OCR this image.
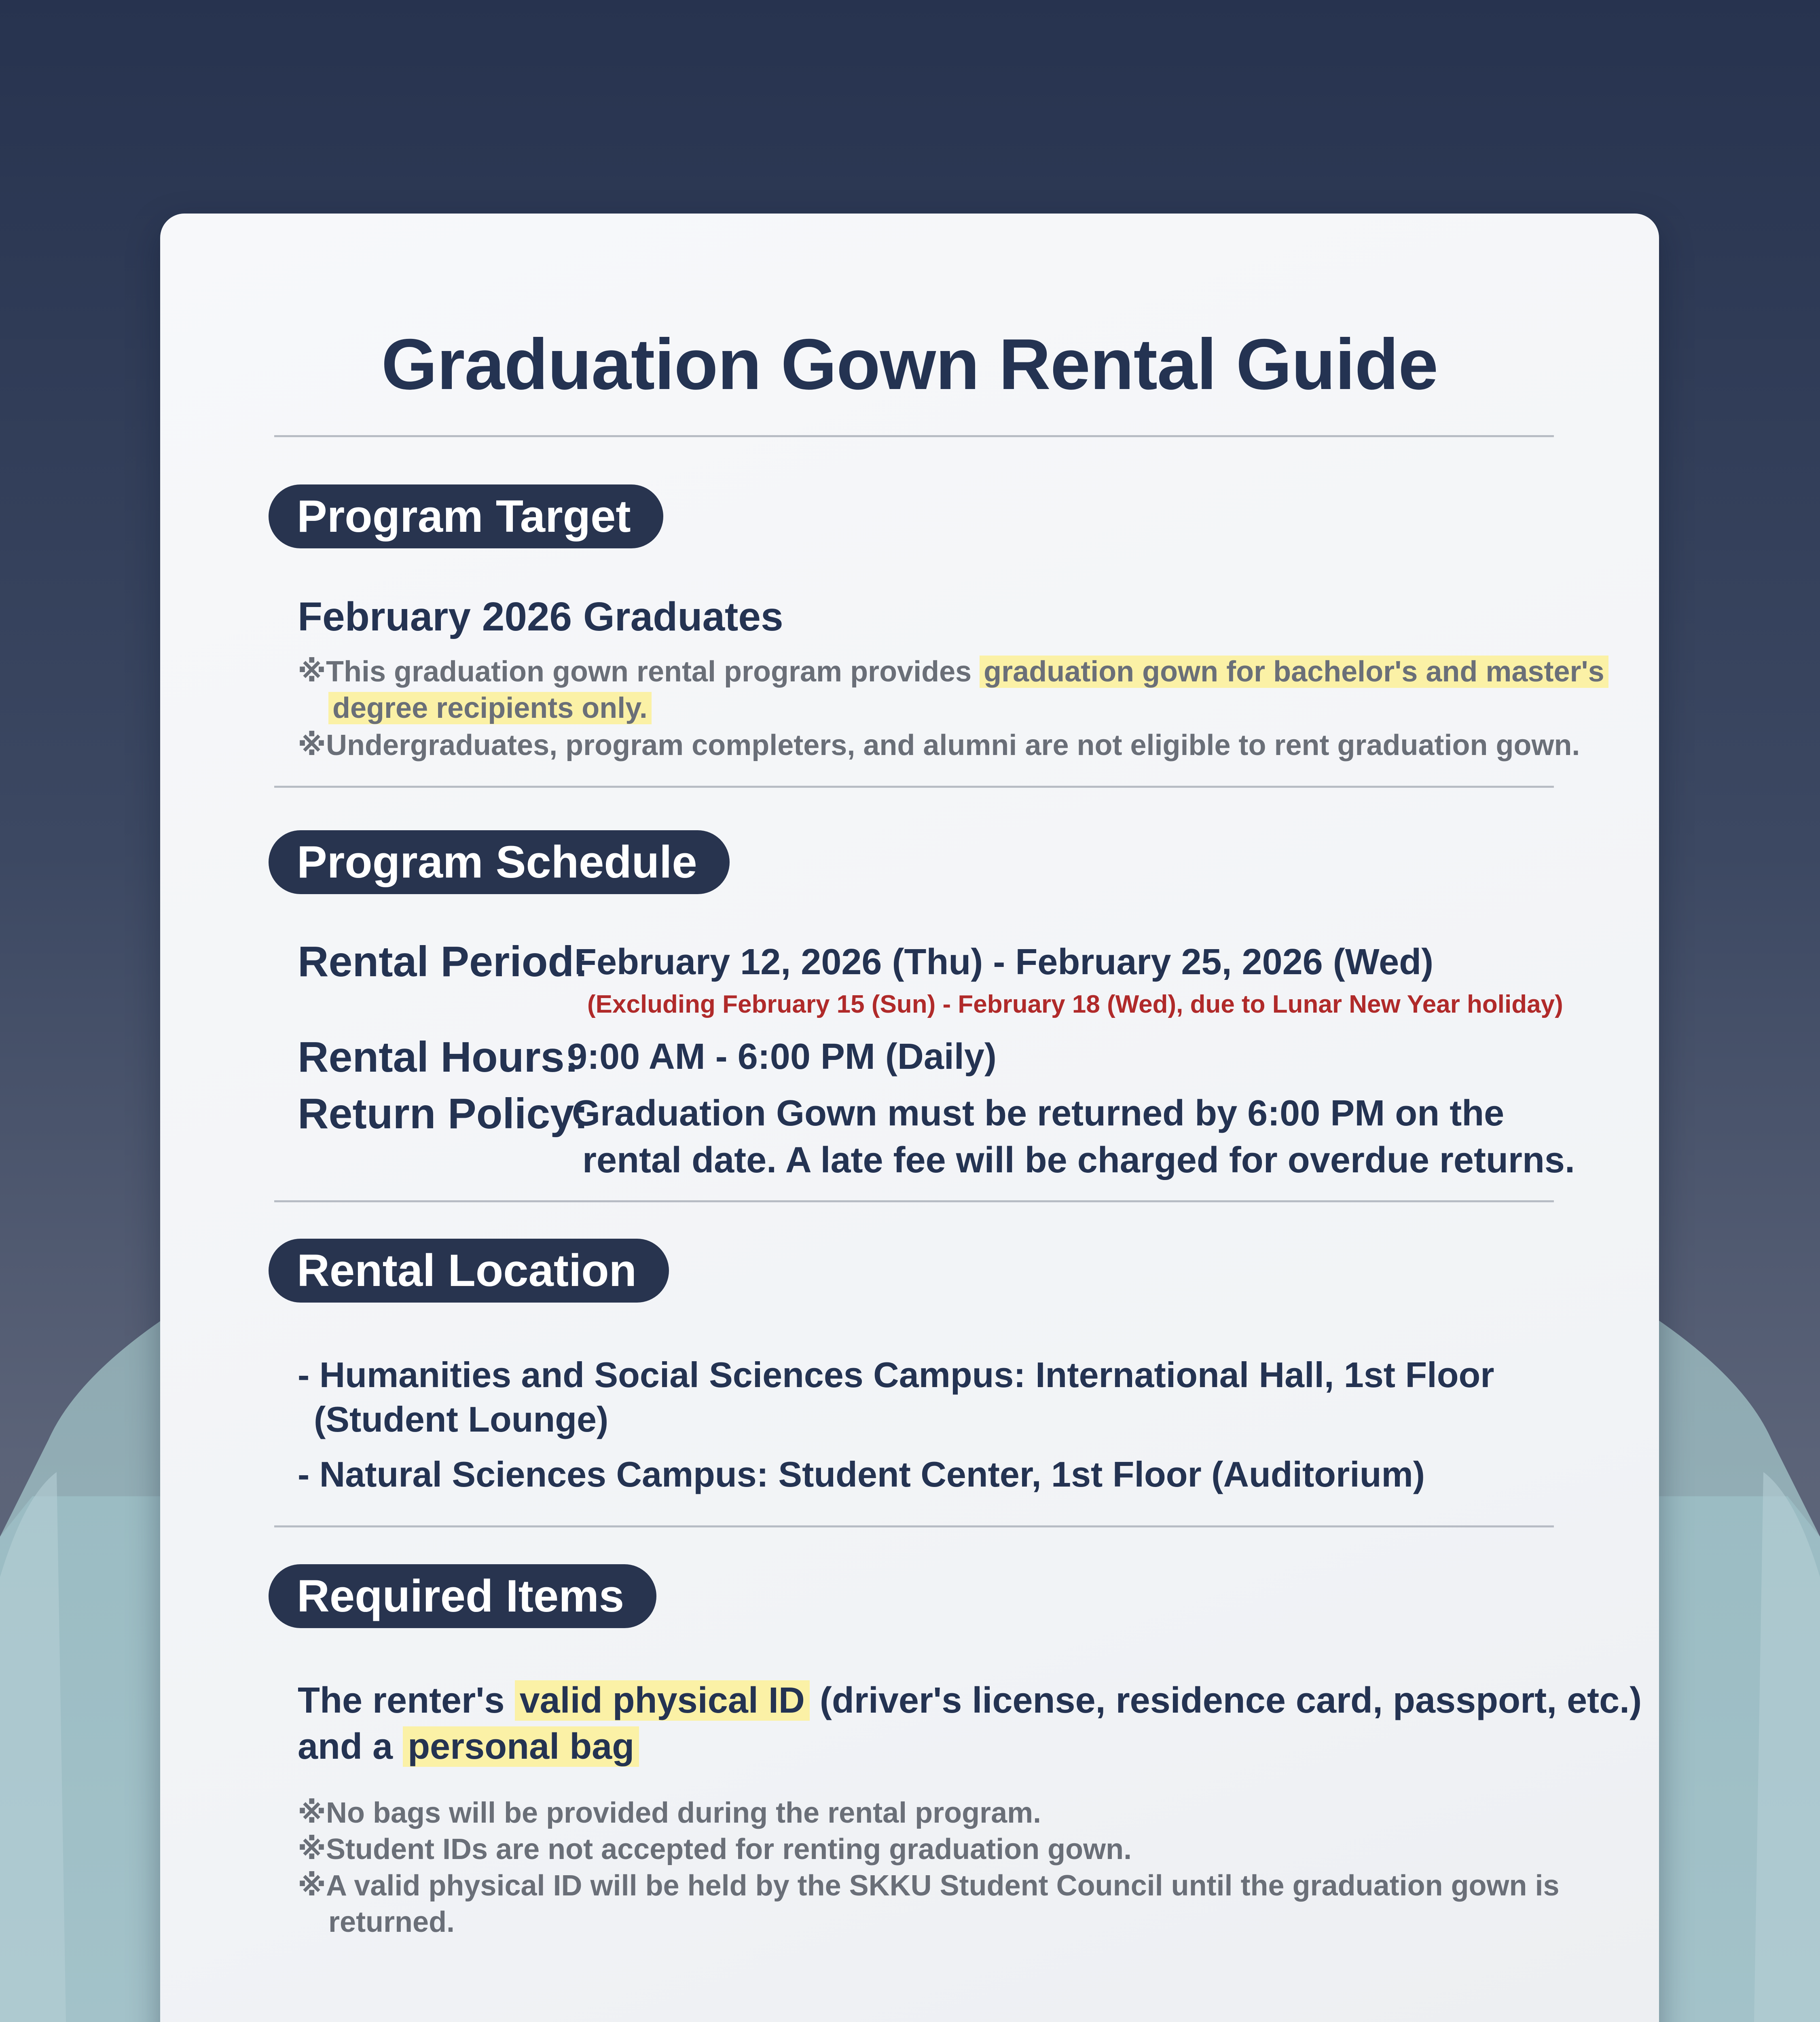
Graduation Gown Rental Guide
Program Target
February 2026 Graduates
※This graduation gown rental program provides graduation gown for bachelor's and master's
degree recipients only.
※Undergraduates, program completers, and alumni are not eligible to rent graduation gown.
Program Schedule
Rental Period:
February 12, 2026 (Thu) - February 25, 2026 (Wed)
(Excluding February 15 (Sun) - February 18 (Wed), due to Lunar New Year holiday)
Rental Hours:
9:00 AM - 6:00 PM (Daily)
Return Policy:
Graduation Gown must be returned by 6:00 PM on the
rental date. A late fee will be charged for overdue returns.
Rental Location
- Humanities and Social Sciences Campus: International Hall, 1st Floor
(Student Lounge)
- Natural Sciences Campus: Student Center, 1st Floor (Auditorium)
Required Items
The renter's valid physical ID (driver's license, residence card, passport, etc.)
and a personal bag
※No bags will be provided during the rental program.
※Student IDs are not accepted for renting graduation gown.
※A valid physical ID will be held by the SKKU Student Council until the graduation gown is
returned.
